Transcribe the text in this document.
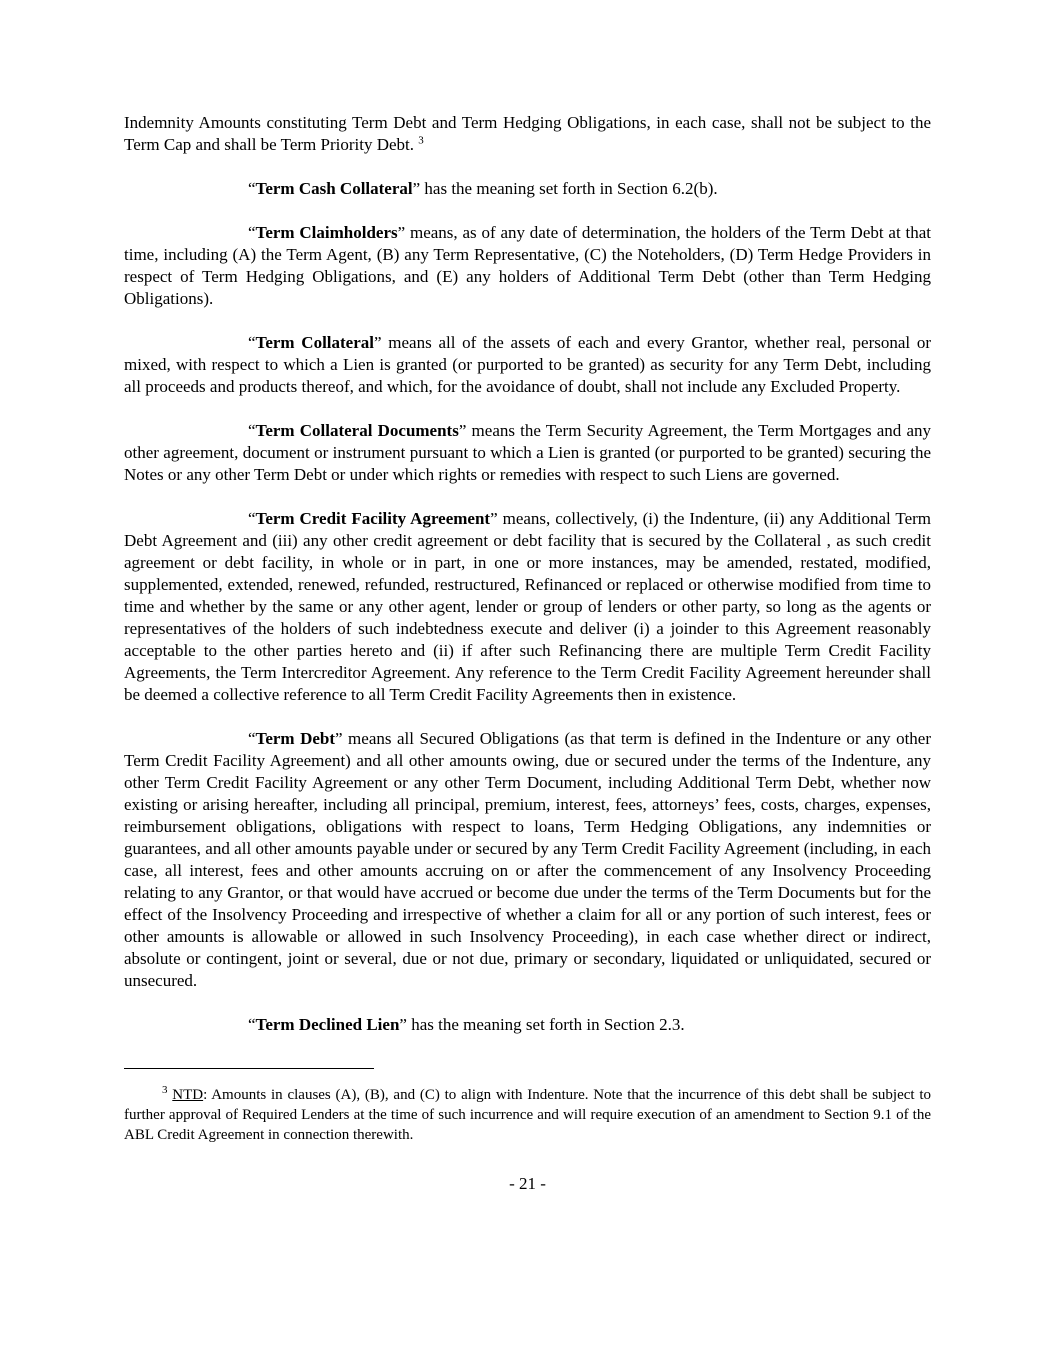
Indemnity Amounts constituting Term Debt and Term Hedging Obligations, in each case, shall not be subject to the Term Cap and shall be Term Priority Debt. $^3$

“Term Cash Collateral” has the meaning set forth in Section 6.2(b).

“Term Claimholders” means, as of any date of determination, the holders of the Term Debt at that time, including (A) the Term Agent, (B) any Term Representative, (C) the Noteholders, (D) Term Hedge Providers in respect of Term Hedging Obligations, and (E) any holders of Additional Term Debt (other than Term Hedging Obligations).

“Term Collateral” means all of the assets of each and every Grantor, whether real, personal or mixed, with respect to which a Lien is granted (or purported to be granted) as security for any Term Debt, including all proceeds and products thereof, and which, for the avoidance of doubt, shall not include any Excluded Property.

“Term Collateral Documents” means the Term Security Agreement, the Term Mortgages and any other agreement, document or instrument pursuant to which a Lien is granted (or purported to be granted) securing the Notes or any other Term Debt or under which rights or remedies with respect to such Liens are governed.

“Term Credit Facility Agreement” means, collectively, (i) the Indenture, (ii) any Additional Term Debt Agreement and (iii) any other credit agreement or debt facility that is secured by the Collateral , as such credit agreement or debt facility, in whole or in part, in one or more instances, may be amended, restated, modified, supplemented, extended, renewed, refunded, restructured, Refinanced or replaced or otherwise modified from time to time and whether by the same or any other agent, lender or group of lenders or other party, so long as the agents or representatives of the holders of such indebtedness execute and deliver (i) a joinder to this Agreement reasonably acceptable to the other parties hereto and (ii) if after such Refinancing there are multiple Term Credit Facility Agreements, the Term Intercreditor Agreement. Any reference to the Term Credit Facility Agreement hereunder shall be deemed a collective reference to all Term Credit Facility Agreements then in existence.

“Term Debt” means all Secured Obligations (as that term is defined in the Indenture or any other Term Credit Facility Agreement) and all other amounts owing, due or secured under the terms of the Indenture, any other Term Credit Facility Agreement or any other Term Document, including Additional Term Debt, whether now existing or arising hereafter, including all principal, premium, interest, fees, attorneys’ fees, costs, charges, expenses, reimbursement obligations, obligations with respect to loans, Term Hedging Obligations, any indemnities or guarantees, and all other amounts payable under or secured by any Term Credit Facility Agreement (including, in each case, all interest, fees and other amounts accruing on or after the commencement of any Insolvency Proceeding relating to any Grantor, or that would have accrued or become due under the terms of the Term Documents but for the effect of the Insolvency Proceeding and irrespective of whether a claim for all or any portion of such interest, fees or other amounts is allowable or allowed in such Insolvency Proceeding), in each case whether direct or indirect, absolute or contingent, joint or several, due or not due, primary or secondary, liquidated or unliquidated, secured or unsecured.

“Term Declined Lien” has the meaning set forth in Section 2.3.

$^3$ NTD: Amounts in clauses (A), (B), and (C) to align with Indenture. Note that the incurrence of this debt shall be subject to further approval of Required Lenders at the time of such incurrence and will require execution of an amendment to Section 9.1 of the ABL Credit Agreement in connection therewith.

- 21 -
